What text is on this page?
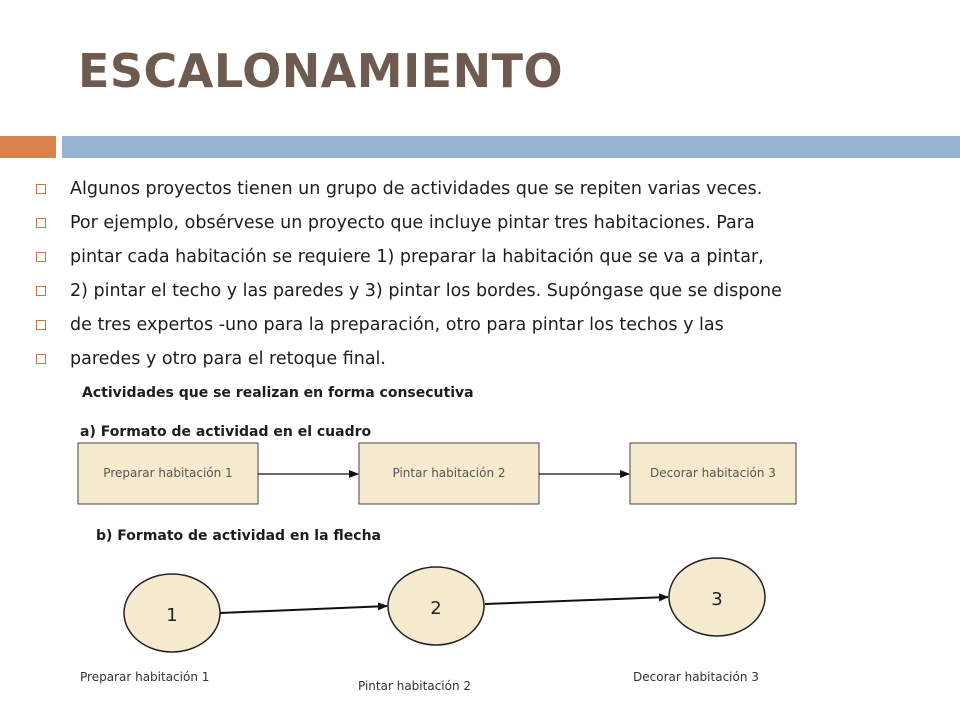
ESCALONAMIENTO
Algunos proyectos tienen un grupo de actividades que se repiten varias veces.
Por ejemplo, obsérvese un proyecto que incluye pintar tres habitaciones. Para
pintar cada habitación se requiere 1) preparar la habitación que se va a pintar,
2) pintar el techo y las paredes y 3) pintar los bordes. Supóngase que se dispone
de tres expertos -uno para la preparación, otro para pintar los techos y las
paredes y otro para el retoque final.

Actividades que se realizan en forma consecutiva

a) Formato de actividad en el cuadro

b) Formato de actividad en la flecha

Preparar habitación 1	Pintar habitación 2	Decorar habitación 3
1	2	3
Preparar habitación 1
Pintar habitación 2
Decorar habitación 3
